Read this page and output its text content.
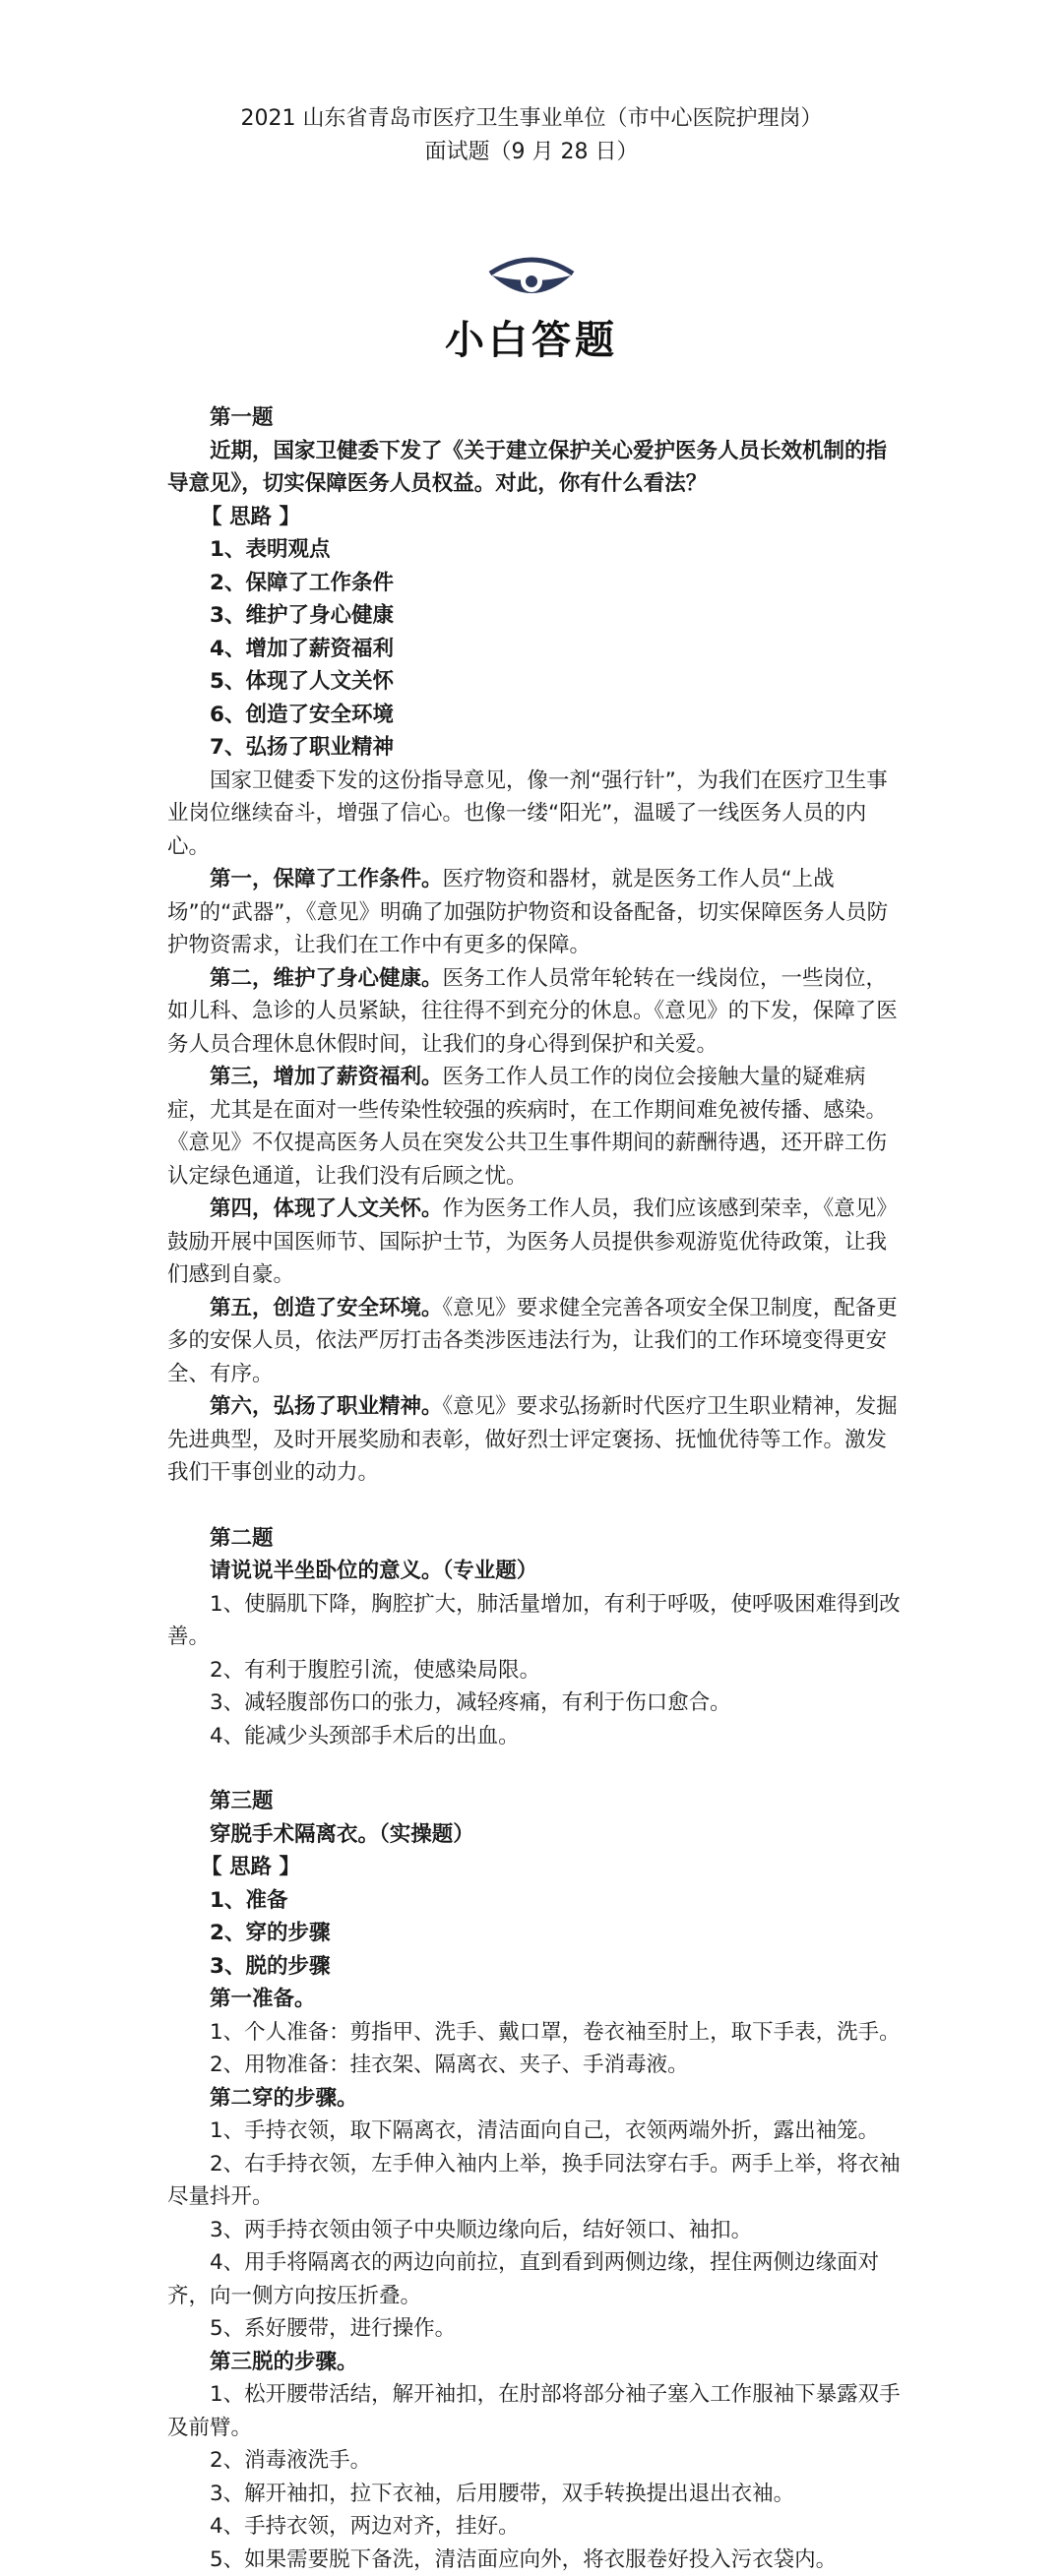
2021 山东省青岛市医疗卫生事业单位（市中心医院护理岗）
面试题（9 月 28 日）
小白答题

第一题

近期，国家卫健委下发了《关于建立保护关心爱护医务人员长效机制的指导意见》，切实保障医务人员权益。对此，你有什么看法？

【 思路 】

1、表明观点

2、保障了工作条件

3、维护了身心健康

4、增加了薪资福利

5、体现了人文关怀

6、创造了安全环境

7、弘扬了职业精神

国家卫健委下发的这份指导意见，像一剂“强行针”，为我们在医疗卫生事业岗位继续奋斗，增强了信心。也像一缕“阳光”，温暖了一线医务人员的内心。

第一，保障了工作条件。医疗物资和器材，就是医务工作人员“上战场”的“武器”，《意见》明确了加强防护物资和设备配备，切实保障医务人员防护物资需求，让我们在工作中有更多的保障。

第二，维护了身心健康。医务工作人员常年轮转在一线岗位，一些岗位，如儿科、急诊的人员紧缺，往往得不到充分的休息。《意见》的下发，保障了医务人员合理休息休假时间，让我们的身心得到保护和关爱。

第三，增加了薪资福利。医务工作人员工作的岗位会接触大量的疑难病症，尤其是在面对一些传染性较强的疾病时，在工作期间难免被传播、感染。《意见》不仅提高医务人员在突发公共卫生事件期间的薪酬待遇，还开辟工伤认定绿色通道，让我们没有后顾之忧。

第四，体现了人文关怀。作为医务工作人员，我们应该感到荣幸，《意见》鼓励开展中国医师节、国际护士节，为医务人员提供参观游览优待政策，让我们感到自豪。

第五，创造了安全环境。《意见》要求健全完善各项安全保卫制度，配备更多的安保人员，依法严厉打击各类涉医违法行为，让我们的工作环境变得更安全、有序。

第六，弘扬了职业精神。《意见》要求弘扬新时代医疗卫生职业精神，发掘先进典型，及时开展奖励和表彰，做好烈士评定褒扬、抚恤优待等工作。激发我们干事创业的动力。

第二题

请说说半坐卧位的意义。（专业题）

1、使膈肌下降，胸腔扩大，肺活量增加，有利于呼吸，使呼吸困难得到改善。

2、有利于腹腔引流，使感染局限。

3、减轻腹部伤口的张力，减轻疼痛，有利于伤口愈合。

4、能减少头颈部手术后的出血。

第三题

穿脱手术隔离衣。（实操题）

【 思路 】

1、准备

2、穿的步骤

3、脱的步骤

第一准备。

1、个人准备：剪指甲、洗手、戴口罩，卷衣袖至肘上，取下手表，洗手。

2、用物准备：挂衣架、隔离衣、夹子、手消毒液。

第二穿的步骤。

1、手持衣领，取下隔离衣，清洁面向自己，衣领两端外折，露出袖笼。

2、右手持衣领，左手伸入袖内上举，换手同法穿右手。两手上举，将衣袖尽量抖开。

3、两手持衣领由领子中央顺边缘向后，结好领口、袖扣。

4、用手将隔离衣的两边向前拉，直到看到两侧边缘，捏住两侧边缘面对齐，向一侧方向按压折叠。

5、系好腰带，进行操作。

第三脱的步骤。

1、松开腰带活结，解开袖扣，在肘部将部分袖子塞入工作服袖下暴露双手及前臂。

2、消毒液洗手。

3、解开袖扣，拉下衣袖，后用腰带，双手转换提出退出衣袖。

4、手持衣领，两边对齐，挂好。

5、如果需要脱下备洗，清洁面应向外，将衣服卷好投入污衣袋内。
